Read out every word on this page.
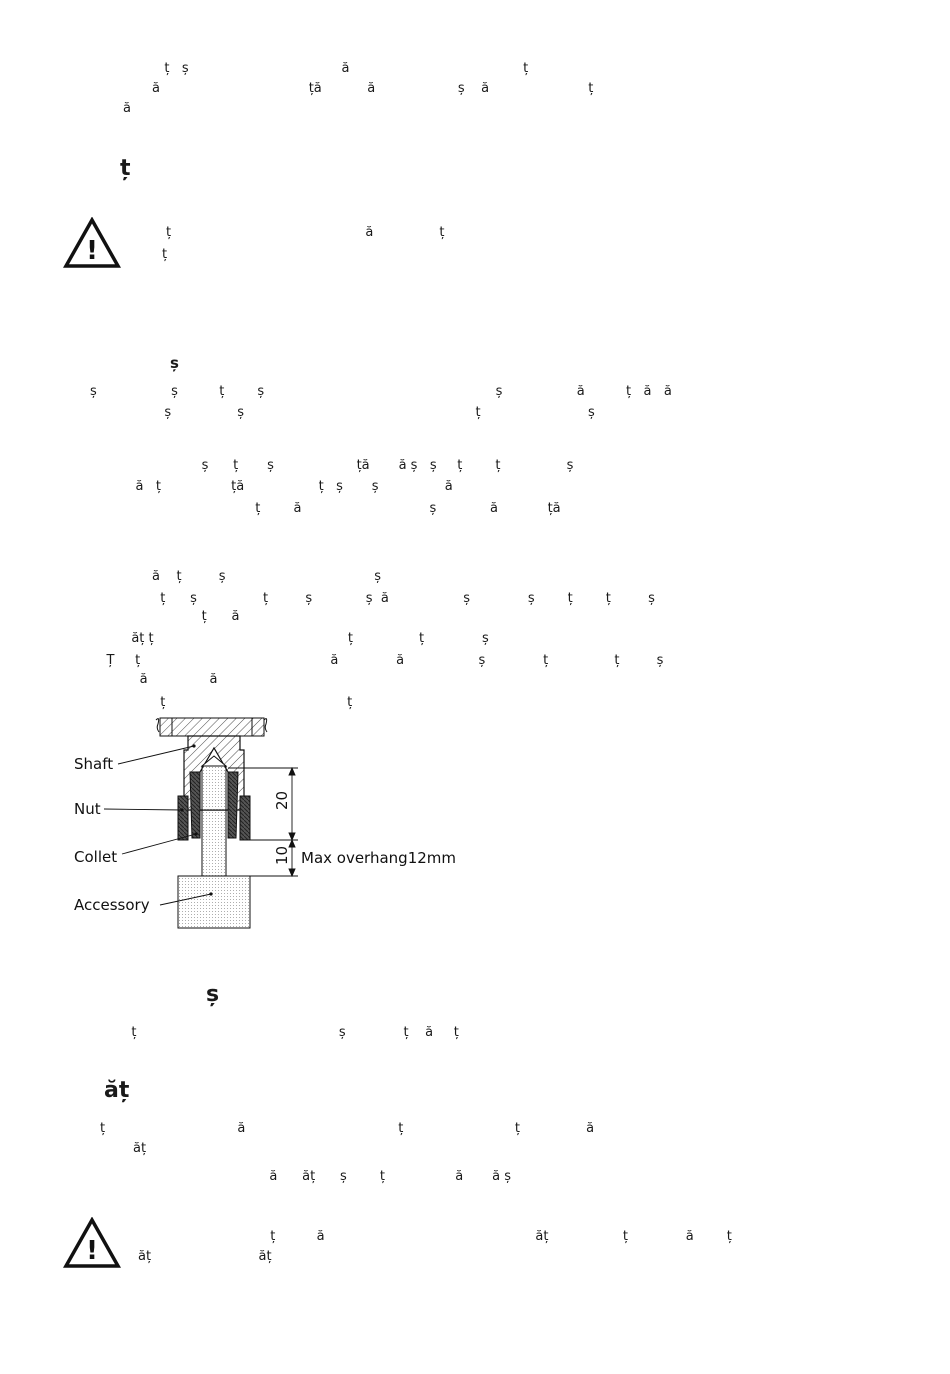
ț   ș                                     ă                                          ț
ă                                    ță           ă                    ș    ă                        ț
ă
ț
!
ț                                               ă                ț
ț
ș
ș                  ș          ț        ș                                                        ș                  ă          ț   ă   ă
ș                ș                                                        ț                          ș
ș      ț       ș                    ță       ă ș   ș     ț        ț                ș
ă   ț                 ță                  ț   ș       ș                ă
ț        ă                               ș             ă            ță
ă    ț         ș                                    ș
ț      ș                ț         ș             ș  ă                  ș              ș        ț        ț         ș
ț      ă
ăț ț                                               ț                ț              ș
Ț     ț                                              ă              ă                  ș              ț                ț         ș
ă               ă
ț                                            ț
Shaft
Nut
Collet
Accessory
20
10 Max overhang12mm
ș
ț                                                 ș              ț    ă     ț
ăț
ț                                ă                                     ț                           ț                ă
ăț
ă      ăț      ș        ț                 ă       ă ș
!	ț          ă                                                   ăț                  ț              ă        ț
ăț                          ăț
